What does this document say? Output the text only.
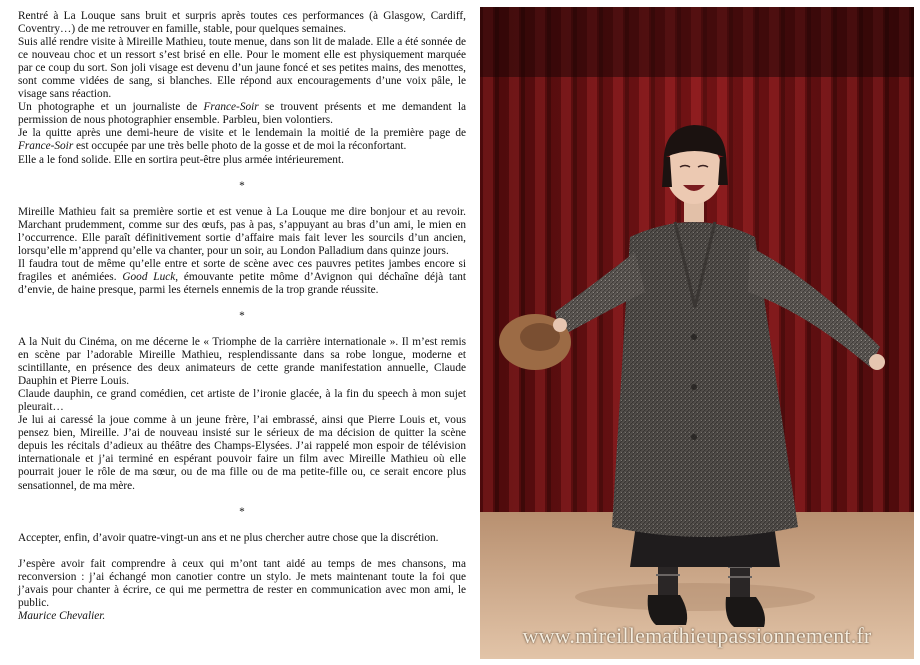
Rentré à La Louque sans bruit et surpris après toutes ces performances (à Glasgow, Cardiff, Coventry…) de me retrouver en famille, stable, pour quelques semaines.

Suis allé rendre visite à Mireille Mathieu, toute menue, dans son lit de malade. Elle a été sonnée de ce nouveau choc et un ressort s’est brisé en elle. Pour le moment elle est physiquement marquée par ce coup du sort. Son joli visage est devenu d’un jaune foncé et ses petites mains, des menottes, sont comme vidées de sang, si blanches. Elle répond aux encouragements d’une voix pâle, le visage sans réaction.

Un photographe et un journaliste de France-Soir se trouvent présents et me demandent la permission de nous photographier ensemble. Parbleu, bien volontiers.

Je la quitte après une demi-heure de visite et le lendemain la moitié de la première page de France-Soir est occupée par une très belle photo de la gosse et de moi la réconfortant.

Elle a le fond solide. Elle en sortira peut-être plus armée intérieurement.

*

Mireille Mathieu fait sa première sortie et est venue à La Louque me dire bonjour et au revoir. Marchant prudemment, comme sur des œufs, pas à pas, s’appuyant au bras d’un ami, le mien en l’occurrence. Elle paraît définitivement sortie d’affaire mais fait lever les sourcils d’un ancien, lorsqu’elle m’apprend qu’elle va chanter, pour un soir, au London Palladium dans quinze jours.

Il faudra tout de même qu’elle entre et sorte de scène avec ces pauvres petites jambes encore si fragiles et anémiées. Good Luck, émouvante petite môme d’Avignon qui déchaîne déjà tant d’envie, de haine presque, parmi les éternels ennemis de la trop grande réussite.

*

A la Nuit du Cinéma, on me décerne le « Triomphe de la carrière internationale ». Il m’est remis en scène par l’adorable Mireille Mathieu, resplendissante dans sa robe longue, moderne et scintillante, en présence des deux animateurs de cette grande manifestation annuelle, Claude Dauphin et Pierre Louis.

Claude dauphin, ce grand comédien, cet artiste de l’ironie glacée, à la fin du speech à mon sujet pleurait…

Je lui ai caressé la joue comme à un jeune frère, l’ai embrassé, ainsi que Pierre Louis et, vous pensez bien, Mireille. J’ai de nouveau insisté sur le sérieux de ma décision de quitter la scène depuis les récitals d’adieux au théâtre des Champs-Elysées. J’ai rappelé mon espoir de télévision internationale et j’ai terminé en espérant pouvoir faire un film avec Mireille Mathieu où elle pourrait jouer le rôle de ma sœur, ou de ma fille ou de ma petite-fille ou, ce serait encore plus sensationnel, de ma mère.

*

Accepter, enfin, d’avoir quatre-vingt-un ans et ne plus chercher autre chose que la discrétion.

J’espère avoir fait comprendre à ceux qui m’ont tant aidé au temps de mes chansons, ma reconversion : j’ai échangé mon canotier contre un stylo. Je mets maintenant toute la foi que j’avais pour chanter à écrire, ce qui me permettra de rester en communication avec mon ami, le public.

Maurice Chevalier.

www.mireillemathieupassionnement.fr
